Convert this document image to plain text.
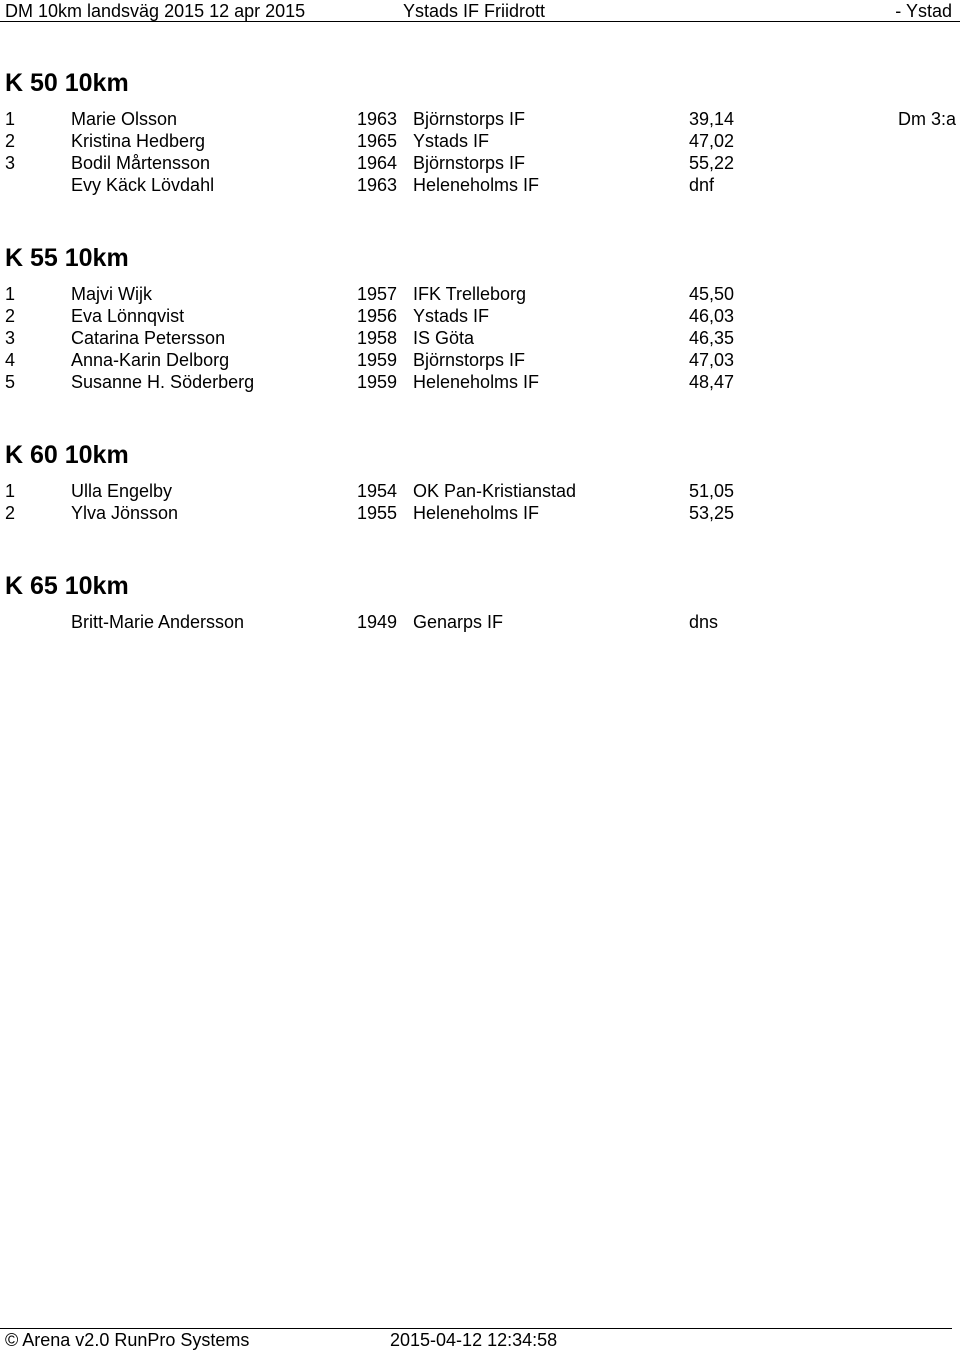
DM 10km landsväg 2015 12 apr 2015	Ystads IF Friidrott	- Ystad
K 50 10km
1	Marie Olsson	1963 Björnstorps IF	39,14	Dm 3:a
2	Kristina Hedberg	1965 Ystads IF	47,02
3	Bodil Mårtensson	1964 Björnstorps IF	55,22
Evy Käck Lövdahl	1963 Heleneholms IF	dnf
K 55 10km
1	Majvi Wijk	1957 IFK Trelleborg	45,50
2	Eva Lönnqvist	1956 Ystads IF	46,03
3	Catarina Petersson	1958 IS Göta	46,35
4	Anna-Karin Delborg	1959 Björnstorps IF	47,03
5	Susanne H. Söderberg	1959 Heleneholms IF	48,47
K 60 10km
1	Ulla Engelby	1954 OK Pan-Kristianstad	51,05
2	Ylva Jönsson	1955 Heleneholms IF	53,25
K 65 10km
Britt-Marie Andersson	1949 Genarps IF	dns
© Arena v2.0 RunPro Systems	2015-04-12 12:34:58
